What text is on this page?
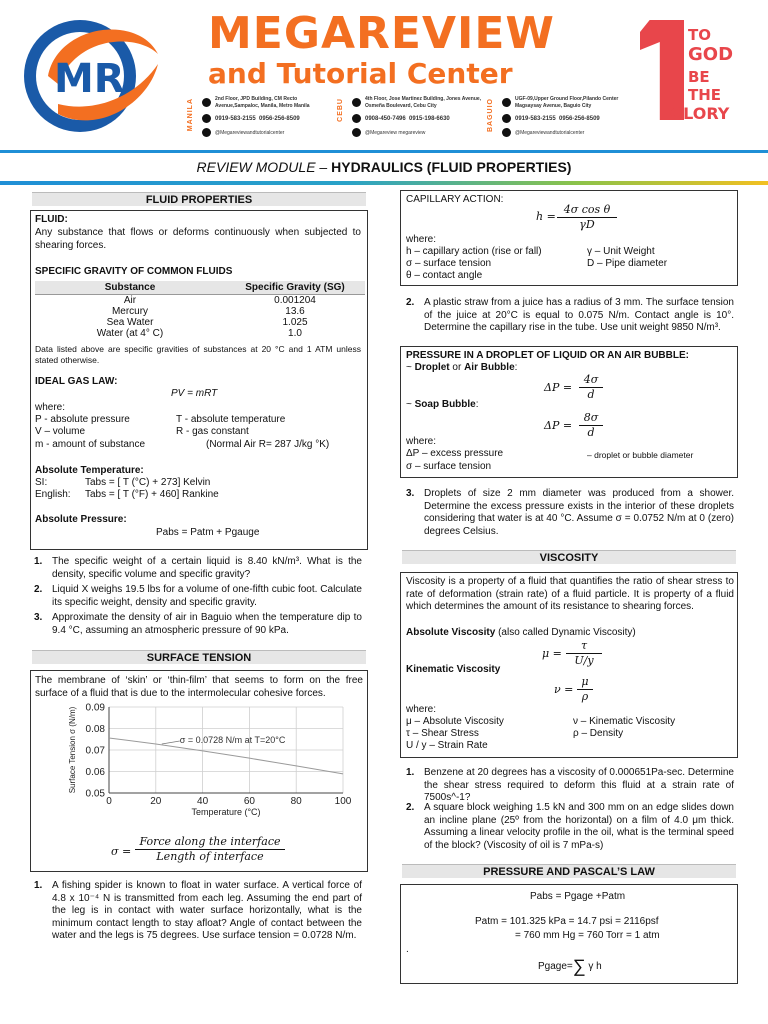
MR
MEGAREVIEW
and Tutorial Center
MANILA	2nd Floor, JPD Building, CM Recto Avenue,Sampaloc, Manila, Metro Manila
0919-583-2155 0956-256-8509
@Megareviewandtutorialcenter
CEBU	4th Floor, Jose Martinez Building, Jones Avenue, Osmeña Boulevard, Cebu City
0908-450-7496 0915-198-6630
@Megareview megareview
BAGUIO	UGF-09,Upper Ground Floor,Pilando Center Magsaysay Avenue, Baguio City
0919-583-2155 0956-256-8509
@Megareviewandtutorialcenter
TO
GOD
BE
THE
GLORY
REVIEW MODULE – HYDRAULICS (FLUID PROPERTIES)
FLUID PROPERTIES
FLUID:
Any substance that flows or deforms continuously when subjected to shearing forces.
SPECIFIC GRAVITY OF COMMON FLUIDS
Substance	Specific Gravity (SG)
Air	0.001204
Mercury	13.6
Sea Water	1.025
Water (at 4° C)	1.0
Data listed above are specific gravities of substances at 20 °C and 1 ATM unless stated otherwise.
IDEAL GAS LAW:
PV = mRT
where:
P - absolute pressure	T - absolute temperature
V – volume	R - gas constant
m - amount of substance	(Normal Air R= 287 J/kg °K)
Absolute Temperature:
SI:	Tabs = [ T (°C) + 273] Kelvin
English: Tabs = [ T (°F) + 460] Rankine
Absolute Pressure:
Pabs = Patm + Pgauge
1. The specific weight of a certain liquid is 8.40 kN/m³. What is the density, specific volume and specific gravity?
2. Liquid X weighs 19.5 lbs for a volume of one-fifth cubic foot. Calculate its specific weight, density and specific gravity.
3. Approximate the density of air in Baguio when the temperature dip to 9.4 °C, assuming an atmospheric pressure of 90 kPa.
SURFACE TENSION
The membrane of ‘skin’ or ‘thin-film’ that seems to form on the free surface of a fluid that is due to the intermolecular cohesive forces.
0.05
0.06
0.07
0.08
0.09
0	20	40	60	80	100
σ = 0.0728 N/m at T=20°C
Temperature (°C)
Surface Tension σ (N/m)
σ =
Force along the interface
Length of interface
1. A fishing spider is known to float in water surface. A vertical force of 4.8 x 10⁻⁴ N is transmitted from each leg. Assuming the end part of the leg is in contact with water surface horizontally, what is the minimum contact length to stay afloat? Angle of contact between the water and the legs is 75 degrees. Use surface tension = 0.0728 N/m.
CAPILLARY ACTION:
$h = \frac{\text{4σ cos θ}}{\gamma D}$
where:
h – capillary action (rise or fall)	γ – Unit Weight
σ – surface tension	D – Pipe diameter
θ – contact angle
2. A plastic straw from a juice has a radius of 3 mm. The surface tension of the juice at 20°C is equal to 0.075 N/m. Contact angle is 10°. Determine the capillary rise in the tube. Use unit weight 9850 N/m³.
PRESSURE IN A DROPLET OF LIQUID OR AN AIR BUBBLE:
~ Droplet or Air Bubble:
$\Delta P = \frac{4\sigma}{d}$
~ Soap Bubble:
$\Delta P = \frac{8\sigma}{d}$
where:
ΔP – excess pressure	– droplet or bubble diameter
σ – surface tension
3. Droplets of size 2 mm diameter was produced from a shower. Determine the excess pressure exists in the interior of these droplets considering that water is at 40 °C. Assume σ = 0.0752 N/m at 0 (zero) degrees Celsius.
VISCOSITY
Viscosity is a property of a fluid that quantifies the ratio of shear stress to rate of deformation (strain rate) of a fluid particle. It is property of a fluid which determines the amount of its resistance to shearing forces.
Absolute Viscosity (also called Dynamic Viscosity)
$\mu = \frac{\tau}{U/y}$
Kinematic Viscosity
$\nu = \frac{\mu}{\rho}$
where:
μ – Absolute Viscosity	ν – Kinematic Viscosity
τ – Shear Stress	ρ – Density
U / y – Strain Rate
1. Benzene at 20 degrees has a viscosity of 0.000651Pa-sec. Determine the shear stress required to deform this fluid at a strain rate of 7500s^-1?
2. A square block weighing 1.5 kN and 300 mm on an edge slides down an incline plane (25º from the horizontal) on a film of 4.0 μm thick. Assuming a linear velocity profile in the oil, what is the terminal speed of the block? (Viscosity of oil is 7 mPa-s)
PRESSURE AND PASCAL’S LAW
Pabs = Pgage +Patm
Patm = 101.325 kPa = 14.7 psi = 2116psf
= 760 mm Hg = 760 Torr = 1 atm
.
Pgage=∑ γ h
